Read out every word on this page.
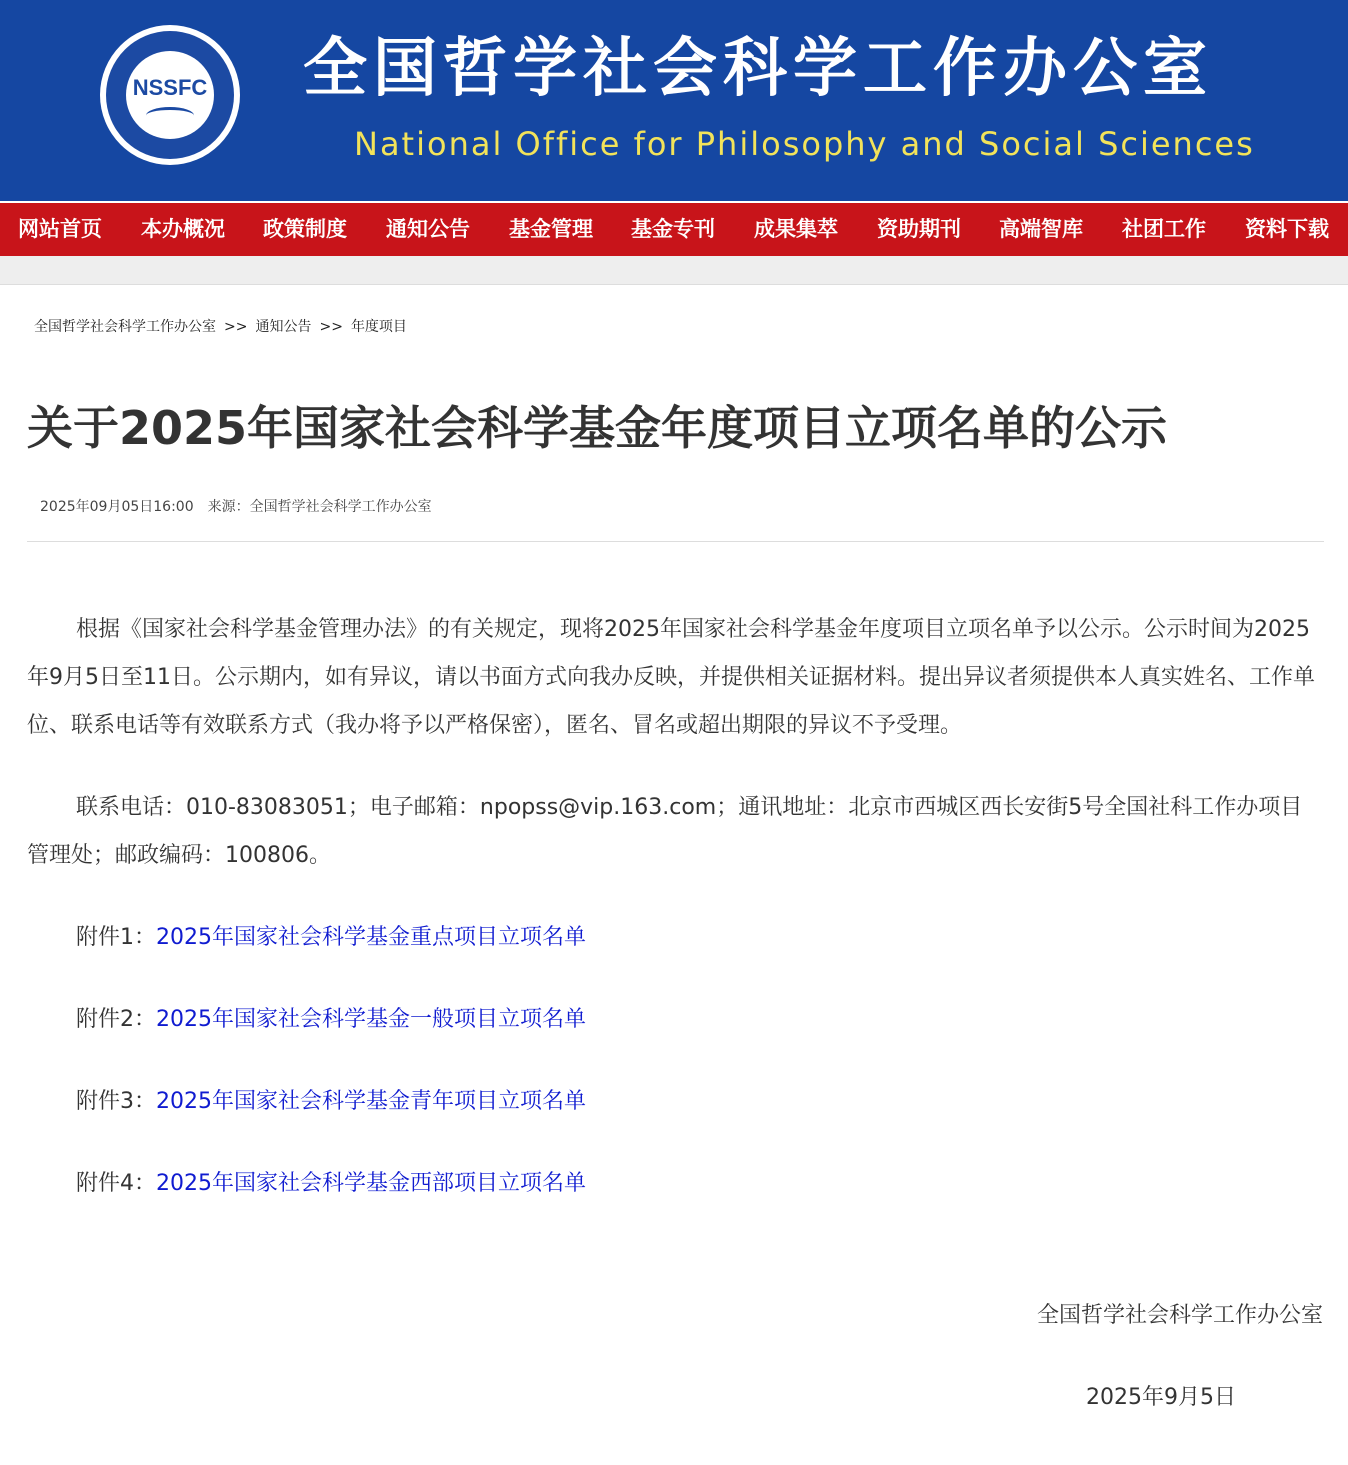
NSSFC	全国哲学社会科学工作办公室
National Office for Philosophy and Social Sciences
网站首页 本办概况 政策制度 通知公告 基金管理 基金专刊 成果集萃 资助期刊 高端智库 社团工作 资料下载
全国哲学社会科学工作办公室 >> 通知公告 >> 年度项目
关于2025年国家社会科学基金年度项目立项名单的公示
2025年09月05日16:00 来源：全国哲学社会科学工作办公室

根据《国家社会科学基金管理办法》的有关规定，现将2025年国家社会科学基金年度项目立项名单予以公示。公示时间为2025年9月5日至11日。公示期内，如有异议，请以书面方式向我办反映，并提供相关证据材料。提出异议者须提供本人真实姓名、工作单位、联系电话等有效联系方式（我办将予以严格保密），匿名、冒名或超出期限的异议不予受理。

联系电话：010-83083051；电子邮箱：npopss@vip.163.com；通讯地址：北京市西城区西长安街5号全国社科工作办项目管理处；邮政编码：100806。

附件1：2025年国家社会科学基金重点项目立项名单

附件2：2025年国家社会科学基金一般项目立项名单

附件3：2025年国家社会科学基金青年项目立项名单

附件4：2025年国家社会科学基金西部项目立项名单

全国哲学社会科学工作办公室
2025年9月5日
